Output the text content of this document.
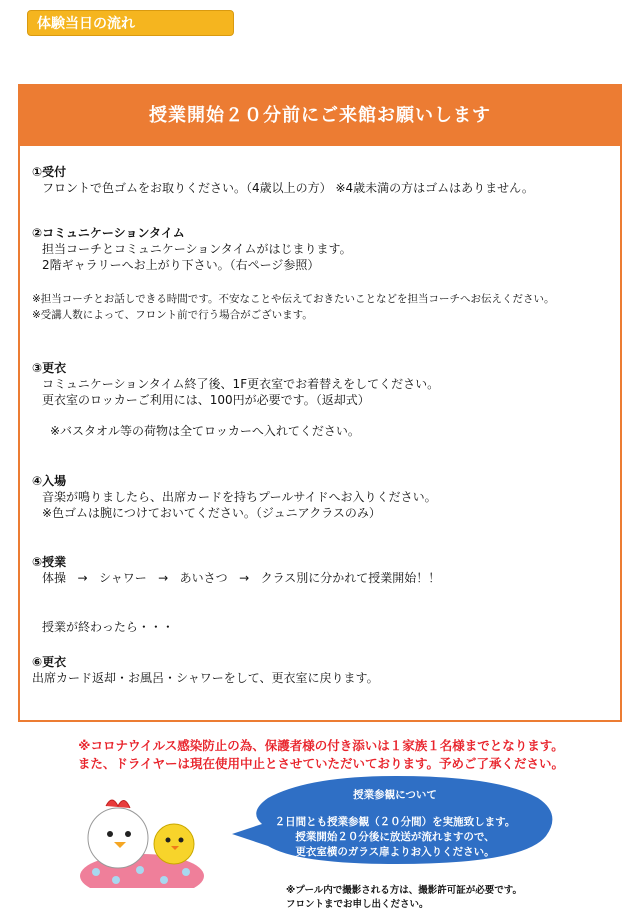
体験当日の流れ
授業開始２０分前にご来館お願いします
①受付
フロントで色ゴムをお取りください。（4歳以上の方） ※4歳未満の方はゴムはありません。
②コミュニケーションタイム
担当コーチとコミュニケーションタイムがはじまります。
2階ギャラリーへお上がり下さい。（右ページ参照）
※担当コーチとお話しできる時間です。不安なことや伝えておきたいことなどを担当コーチへお伝えください。
※受講人数によって、フロント前で行う場合がございます。
③更衣
コミュニケーションタイム終了後、1F更衣室でお着替えをしてください。
更衣室のロッカーご利用には、100円が必要です。（返却式）
※バスタオル等の荷物は全てロッカーへ入れてください。
④入場
音楽が鳴りましたら、出席カードを持ちプールサイドへお入りください。
※色ゴムは腕につけておいてください。（ジュニアクラスのみ）
⑤授業
体操   →   シャワー   →   あいさつ   →   クラス別に分かれて授業開始！！
授業が終わったら・・・
⑥更衣
出席カード返却・お風呂・シャワーをして、更衣室に戻ります。
※コロナウイルス感染防止の為、保護者様の付き添いは１家族１名様までとなります。
また、ドライヤーは現在使用中止とさせていただいております。予めご了承ください。
授業参観について
２日間とも授業参観（２０分間）を実施致します。
授業開始２０分後に放送が流れますので、
更衣室横のガラス扉よりお入りください。
※プール内で撮影される方は、撮影許可証が必要です。
フロントまでお申し出ください。
